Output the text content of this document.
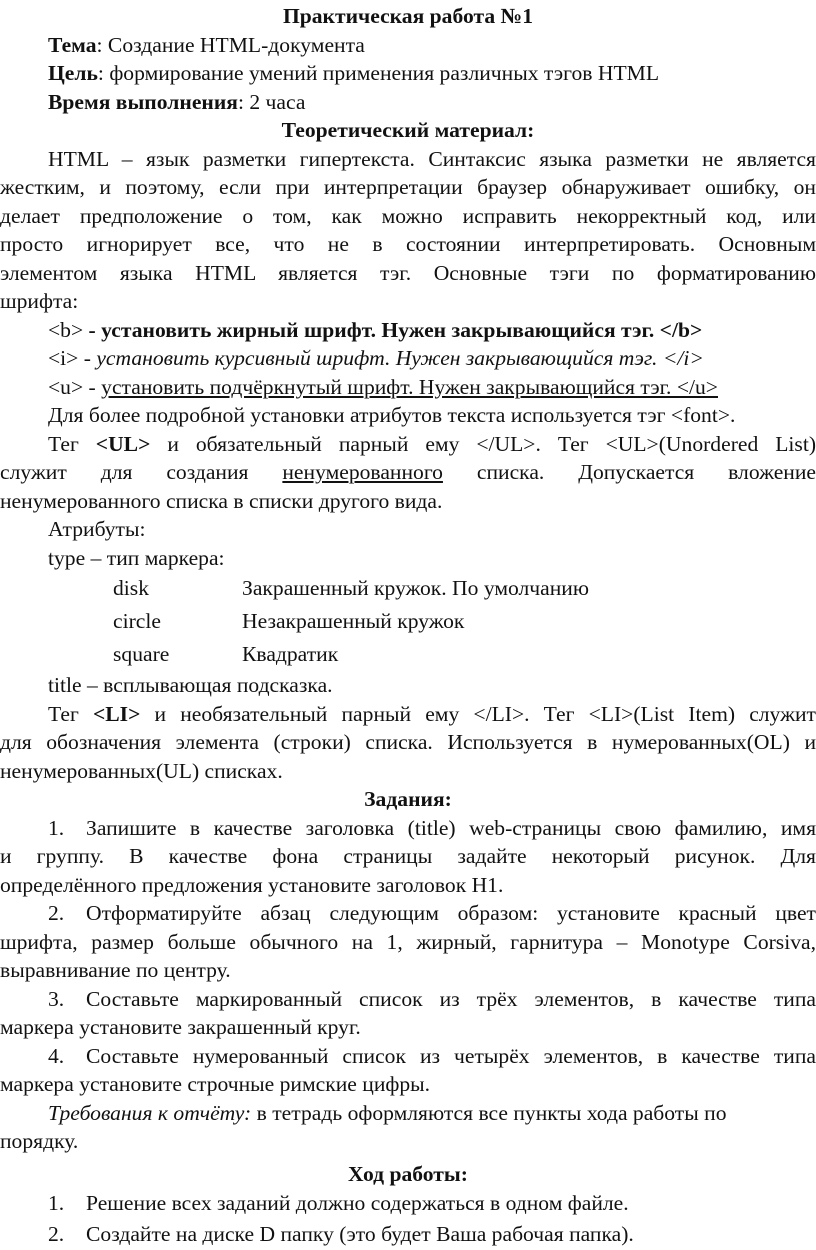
Практическая работа №1
Тема: Создание HTML-документа
Цель: формирование умений применения различных тэгов HTML
Время выполнения: 2 часа
Теоретический материал:
HTML – язык разметки гипертекста. Синтаксис языка разметки не является
жестким, и поэтому, если при интерпретации браузер обнаруживает ошибку, он
делает предположение о том, как можно исправить некорректный код, или
просто игнорирует все, что не в состоянии интерпретировать. Основным
элементом языка HTML является тэг. Основные тэги по форматированию
шрифта:
<b> - установить жирный шрифт. Нужен закрывающийся тэг. </b>
<i> - установить курсивный шрифт. Нужен закрывающийся тэг. </i>
<u> - установить подчёркнутый шрифт. Нужен закрывающийся тэг. </u>
Для более подробной установки атрибутов текста используется тэг <font>.
Тег <UL> и обязательный парный ему </UL>. Тег <UL>(Unordered List)
служит для создания ненумерованного списка. Допускается вложение
ненумерованного списка в списки другого вида.
Атрибуты:
type – тип маркера:
disk	Закрашенный кружок. По умолчанию
circle	Незакрашенный кружок
square	Квадратик
title – всплывающая подсказка.
Тег <LI> и необязательный парный ему </LI>. Тег <LI>(List Item) служит
для обозначения элемента (строки) списка. Используется в нумерованных(OL) и
ненумерованных(UL) списках.
Задания:
1. Запишите в качестве заголовка (title) web-страницы свою фамилию, имя
и группу. В качестве фона страницы задайте некоторый рисунок. Для
определённого предложения установите заголовок H1.
2. Отформатируйте абзац следующим образом: установите красный цвет
шрифта, размер больше обычного на 1, жирный, гарнитура – Monotype Corsiva,
выравнивание по центру.
3. Составьте маркированный список из трёх элементов, в качестве типа
маркера установите закрашенный круг.
4. Составьте нумерованный список из четырёх элементов, в качестве типа
маркера установите строчные римские цифры.
Требования к отчёту: в тетрадь оформляются все пункты хода работы по
порядку.
Ход работы:
1. Решение всех заданий должно содержаться в одном файле.
2. Создайте на диске D папку (это будет Ваша рабочая папка).
